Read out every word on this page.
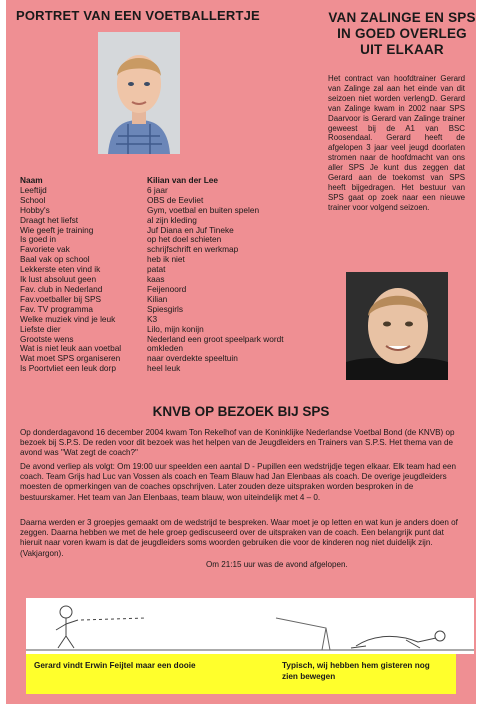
PORTRET VAN EEN VOETBALLERTJE	VAN ZALINGE EN SPS IN GOED OVERLEG UIT ELKAAR
Het contract van hoofdtrainer Gerard van Zalinge zal aan het einde van dit seizoen niet worden verlengD. Gerard van Zalinge kwam in 2002 naar SPS Daarvoor is Gerard van Zalinge trainer geweest bij de A1 van BSC Roosendaal. Gerard heeft de afgelopen 3 jaar veel jeugd doorlaten stromen naar de hoofdmacht van ons aller SPS Je kunt dus zeggen dat Gerard aan de toekomst van SPS heeft bijgedragen. Het bestuur van SPS gaat op zoek naar een nieuwe trainer voor volgend seizoen.
Naam	Kilian van der Lee
Leeftijd	6 jaar
School	OBS de Eevliet
Hobby's	Gym, voetbal en buiten spelen
Draagt het liefst	al zijn kleding
Wie geeft je training	Juf Diana en Juf Tineke
Is goed in	op het doel schieten
Favoriete vak	schrijfschrift en werkmap
Baal vak op school	heb ik niet
Lekkerste eten vind ik	patat
Ik lust absoluut geen	kaas
Fav. club in Nederland	Feijenoord
Fav.voetballer bij SPS	Kilian
Fav. TV programma	Spiesgirls
Welke muziek vind je leuk	K3
Liefste dier	Lilo, mijn konijn
Grootste wens	Nederland een groot speelpark wordt
Wat is niet leuk aan voetbal	omkleden
Wat moet SPS organiseren	naar overdekte speeltuin
Is Poortvliet een leuk dorp	heel leuk
KNVB OP BEZOEK BIJ SPS
Op donderdagavond 16 december 2004 kwam Ton Rekelhof van de Koninklijke Nederlandse Voetbal Bond (de KNVB) op bezoek bij S.P.S. De reden voor dit bezoek was het helpen van de Jeugdleiders en Trainers van S.P.S. Het thema van de avond was "Wat zegt de coach?"
De avond verliep als volgt: Om 19:00 uur speelden een aantal D - Pupillen een wedstrijdje tegen elkaar. Elk team had een coach. Team Grijs had Luc van Vossen als coach en Team Blauw had Jan Elenbaas als coach. De overige jeugdleiders moesten de opmerkingen van de coaches opschrijven. Later zouden deze uitspraken worden besproken in de bestuurskamer. Het team van Jan Elenbaas, team blauw, won uiteindelijk met 4 – 0.
Daarna werden er 3 groepjes gemaakt om de wedstrijd te bespreken. Waar moet je op letten en wat kun je anders doen of zeggen. Daarna hebben we met de hele groep gediscuseerd over de uitspraken van de coach. Een belangrijk punt dat hieruit naar voren kwam is dat de jeugdleiders soms woorden gebruiken die voor de kinderen nog niet duidelijk zijn. (Vakjargon).
Om 21:15 uur was de avond afgelopen.
Gerard vindt Erwin Feijtel maar een dooie	Typisch, wij hebben hem gisteren nog zien bewegen
